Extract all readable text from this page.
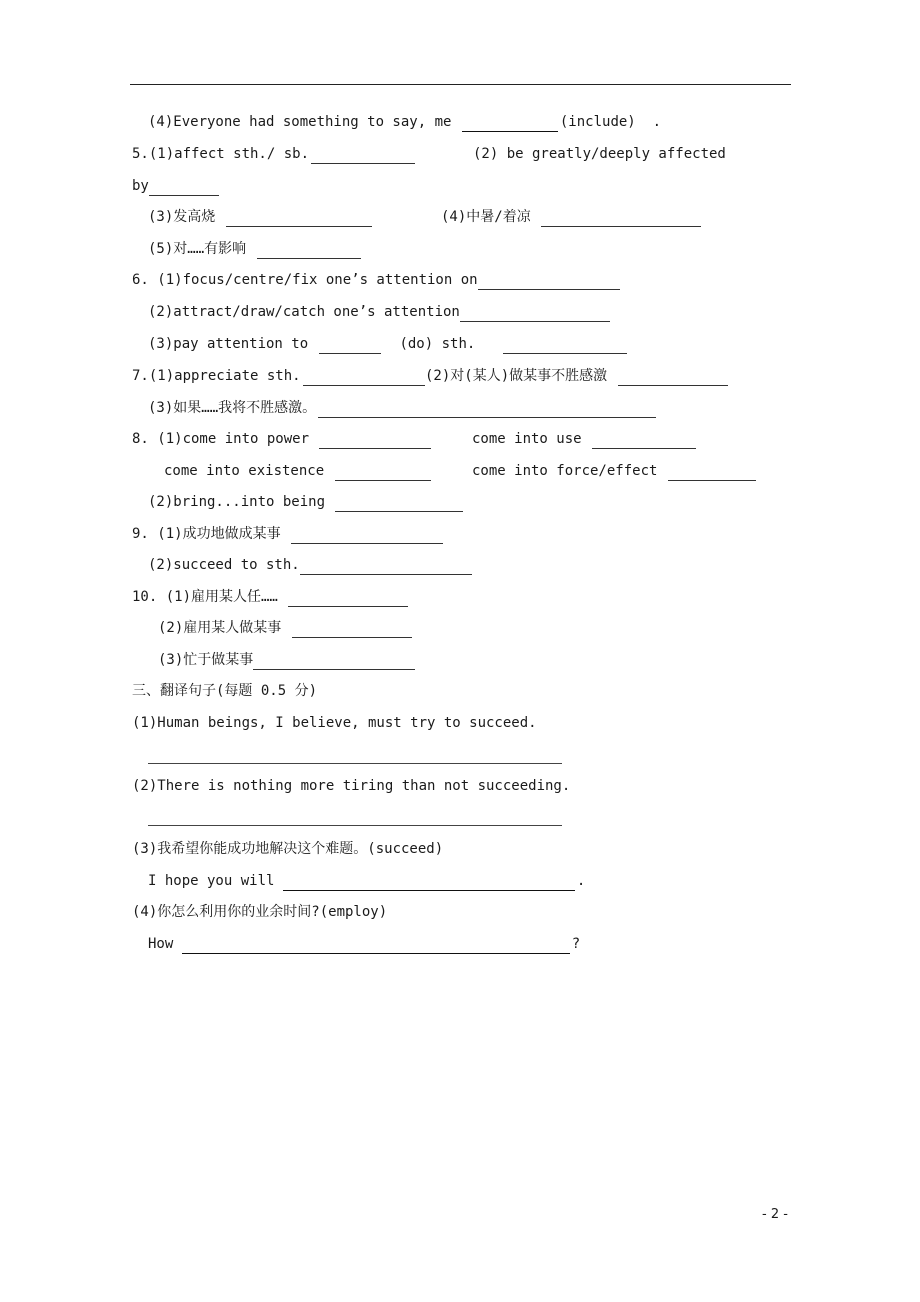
(4)Everyone had something to say, me	(include)  .
5.(1)affect sth./ sb.	(2) be greatly/deeply affected
by
(3)发高烧	(4)中暑/着凉
(5)对……有影响
6. (1)focus/centre/fix one’s attention on
(2)attract/draw/catch one’s attention
(3)pay attention to	(do) sth.
7.(1)appreciate sth.	(2)对(某人)做某事不胜感激
(3)如果……我将不胜感激。
8. (1)come into power	come into use
come into existence	come into force/effect
(2)bring...into being
9. (1)成功地做成某事
(2)succeed to sth.
10. (1)雇用某人任……
(2)雇用某人做某事
(3)忙于做某事
三、翻译句子(每题 0.5 分)
(1)Human beings, I believe, must try to succeed.
(2)There is nothing more tiring than not succeeding.
(3)我希望你能成功地解决这个难题。(succeed)
I hope you will	.
(4)你怎么利用你的业余时间?(employ)
How	?
- 2 -
